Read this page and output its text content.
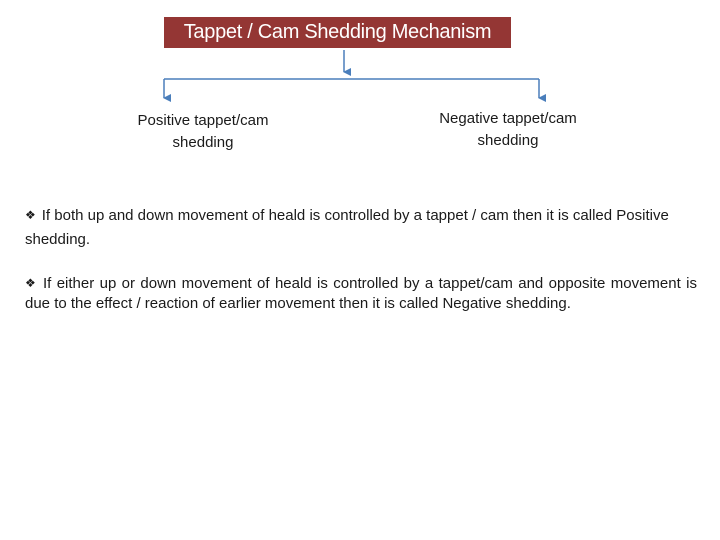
Tappet / Cam Shedding Mechanism
Positive tappet/cam
shedding
Negative tappet/cam
shedding
❖ If both up and down movement of heald is controlled by a tappet / cam then it is called Positive shedding.
❖ If either up or down movement of heald is controlled by a tappet/cam and opposite movement is due to the effect / reaction of earlier movement then it is called Negative shedding.
